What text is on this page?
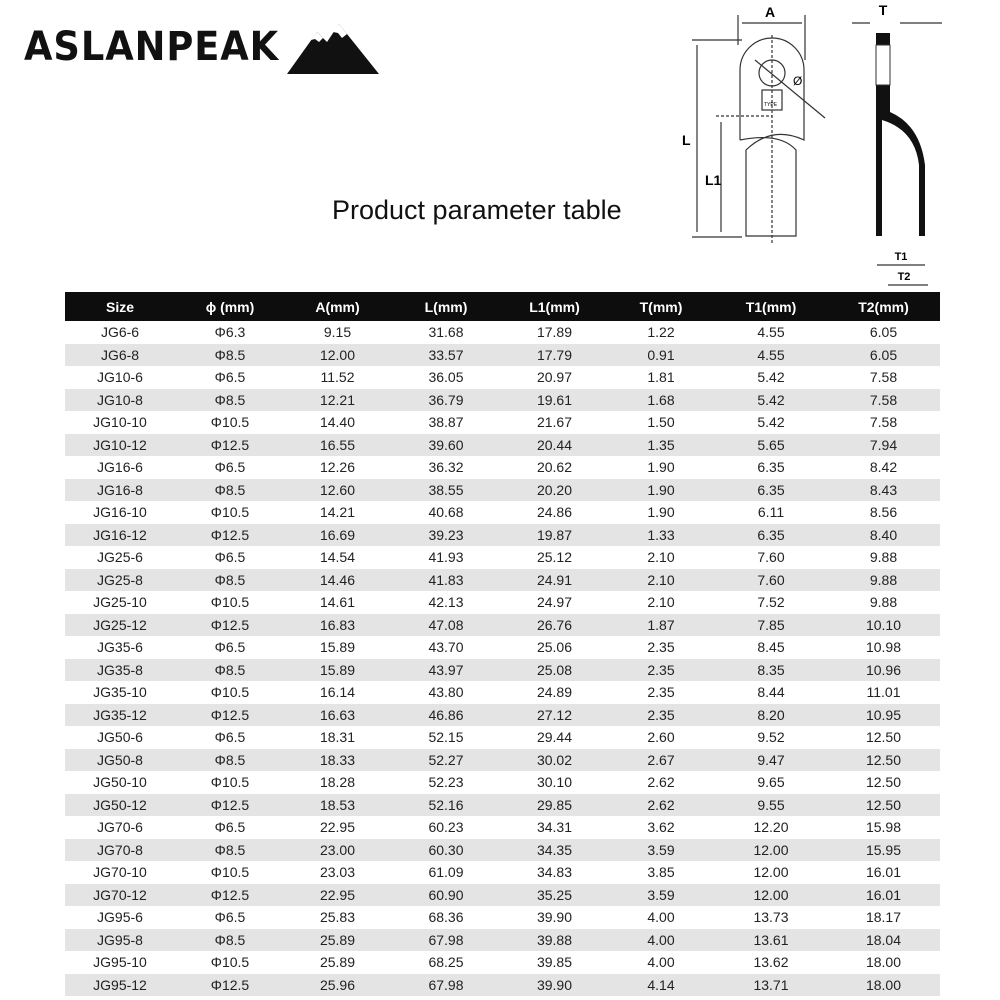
ASLANPEAK
Product parameter table
A
L
L1
Ø
TYPE
T
T1
T2
Size	ϕ (mm)	A(mm)	L(mm)	L1(mm)	T(mm)	T1(mm)	T2(mm)
JG6-6	Φ6.3	9.15	31.68	17.89	1.22	4.55	6.05
JG6-8	Φ8.5	12.00	33.57	17.79	0.91	4.55	6.05
JG10-6	Φ6.5	11.52	36.05	20.97	1.81	5.42	7.58
JG10-8	Φ8.5	12.21	36.79	19.61	1.68	5.42	7.58
JG10-10	Φ10.5	14.40	38.87	21.67	1.50	5.42	7.58
JG10-12	Φ12.5	16.55	39.60	20.44	1.35	5.65	7.94
JG16-6	Φ6.5	12.26	36.32	20.62	1.90	6.35	8.42
JG16-8	Φ8.5	12.60	38.55	20.20	1.90	6.35	8.43
JG16-10	Φ10.5	14.21	40.68	24.86	1.90	6.11	8.56
JG16-12	Φ12.5	16.69	39.23	19.87	1.33	6.35	8.40
JG25-6	Φ6.5	14.54	41.93	25.12	2.10	7.60	9.88
JG25-8	Φ8.5	14.46	41.83	24.91	2.10	7.60	9.88
JG25-10	Φ10.5	14.61	42.13	24.97	2.10	7.52	9.88
JG25-12	Φ12.5	16.83	47.08	26.76	1.87	7.85	10.10
JG35-6	Φ6.5	15.89	43.70	25.06	2.35	8.45	10.98
JG35-8	Φ8.5	15.89	43.97	25.08	2.35	8.35	10.96
JG35-10	Φ10.5	16.14	43.80	24.89	2.35	8.44	11.01
JG35-12	Φ12.5	16.63	46.86	27.12	2.35	8.20	10.95
JG50-6	Φ6.5	18.31	52.15	29.44	2.60	9.52	12.50
JG50-8	Φ8.5	18.33	52.27	30.02	2.67	9.47	12.50
JG50-10	Φ10.5	18.28	52.23	30.10	2.62	9.65	12.50
JG50-12	Φ12.5	18.53	52.16	29.85	2.62	9.55	12.50
JG70-6	Φ6.5	22.95	60.23	34.31	3.62	12.20	15.98
JG70-8	Φ8.5	23.00	60.30	34.35	3.59	12.00	15.95
JG70-10	Φ10.5	23.03	61.09	34.83	3.85	12.00	16.01
JG70-12	Φ12.5	22.95	60.90	35.25	3.59	12.00	16.01
JG95-6	Φ6.5	25.83	68.36	39.90	4.00	13.73	18.17
JG95-8	Φ8.5	25.89	67.98	39.88	4.00	13.61	18.04
JG95-10	Φ10.5	25.89	68.25	39.85	4.00	13.62	18.00
JG95-12	Φ12.5	25.96	67.98	39.90	4.14	13.71	18.00
